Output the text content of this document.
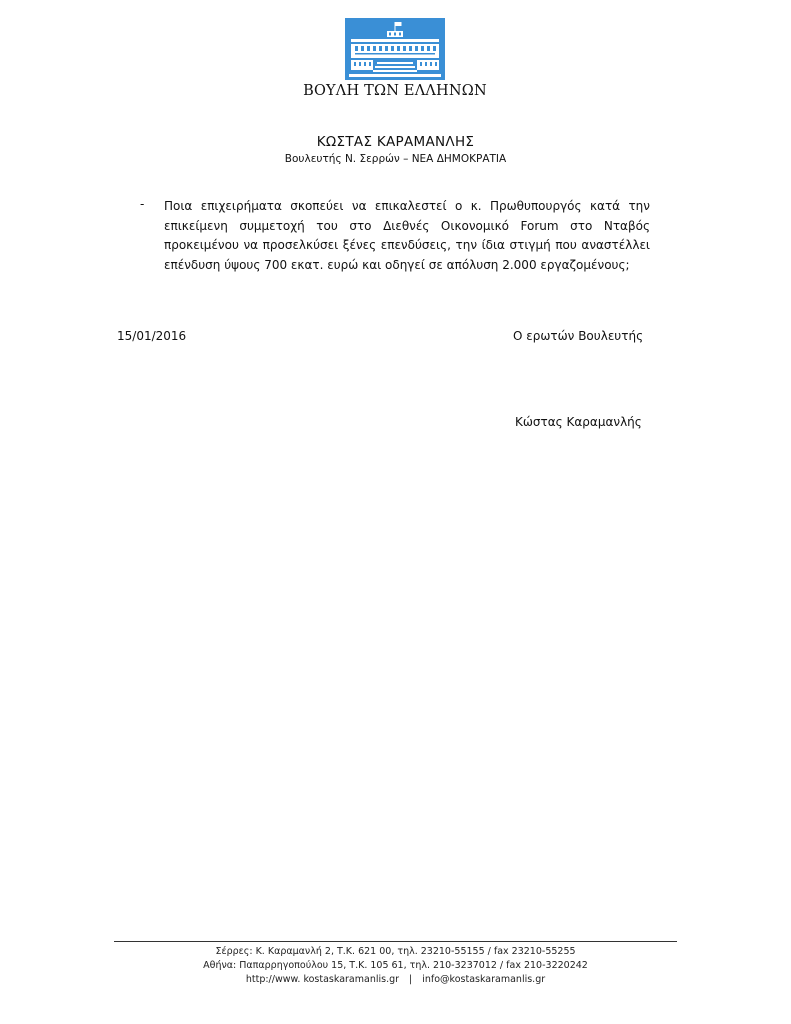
ΒΟΥΛΗ ΤΩΝ ΕΛΛΗΝΩΝ
ΚΩΣΤΑΣ ΚΑΡΑΜΑΝΛΗΣ
Βουλευτής Ν. Σερρών – ΝΕΑ ΔΗΜΟΚΡΑΤΙΑ
- Ποια επιχειρήματα σκοπεύει να επικαλεστεί ο κ. Πρωθυπουργός κατά την επικείμενη συμμετοχή του στο Διεθνές Οικονομικό Forum στο Νταβός προκειμένου να προσελκύσει ξένες επενδύσεις, την ίδια στιγμή που αναστέλλει επένδυση ύψους 700 εκατ. ευρώ και οδηγεί σε απόλυση 2.000 εργαζομένους;
15/01/2016	Ο ερωτών Βουλευτής
Κώστας Καραμανλής
Σέρρες: Κ. Καραμανλή 2, Τ.Κ. 621 00, τηλ. 23210-55155 / fax 23210-55255
Αθήνα: Παπαρρηγοπούλου 15, Τ.Κ. 105 61, τηλ. 210-3237012 / fax 210-3220242
http://www. kostaskaramanlis.gr | info@kostaskaramanlis.gr
